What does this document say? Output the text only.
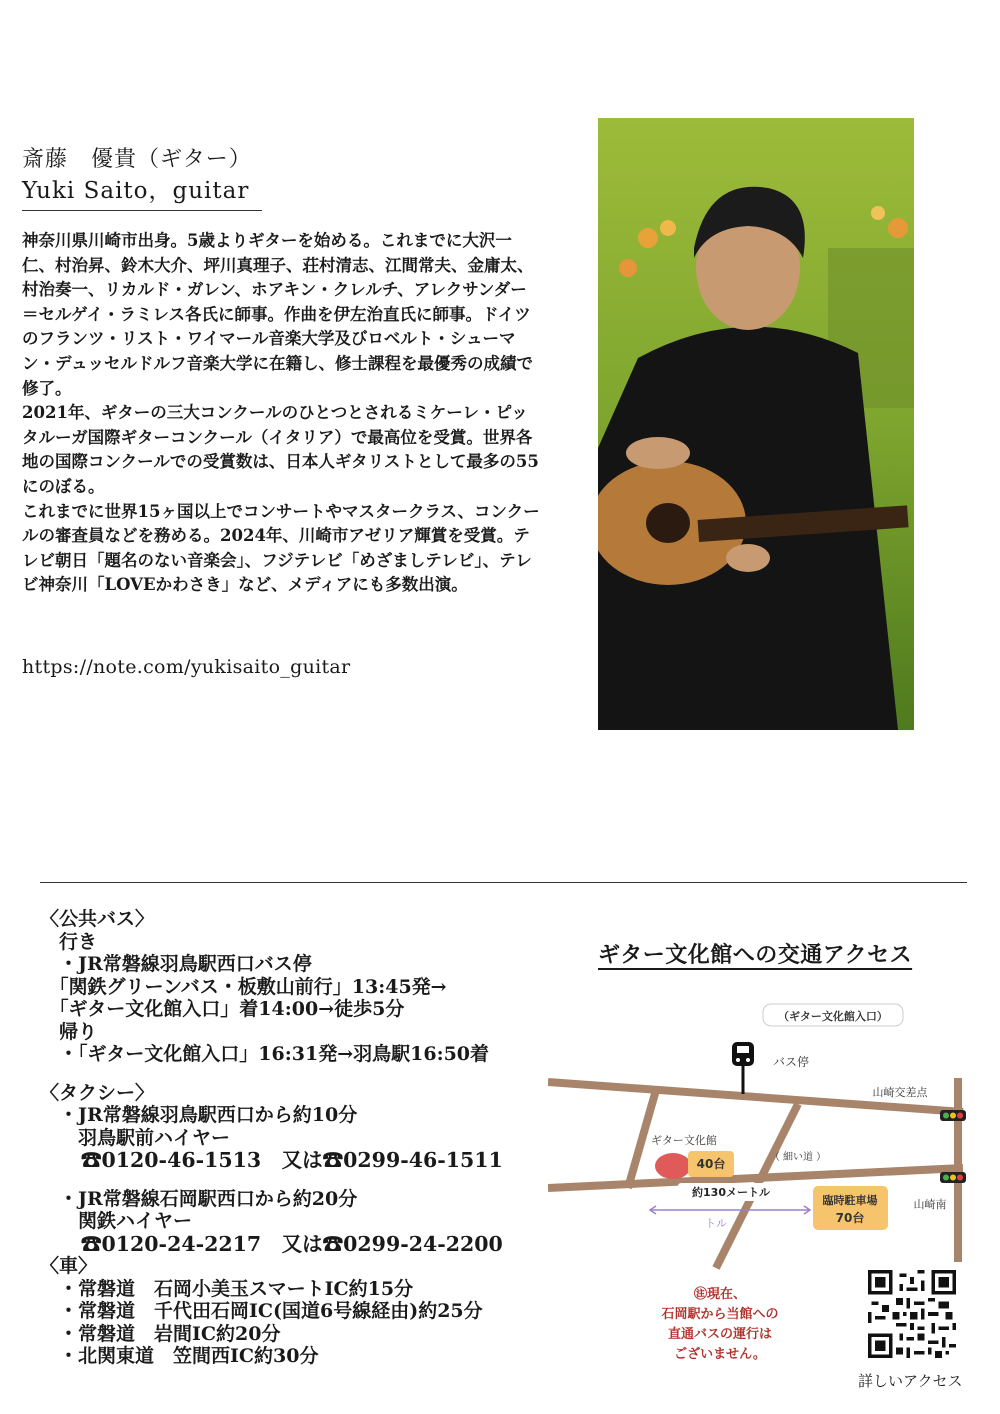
斎藤　優貴（ギター）
Yuki Saito，guitar

神奈川県川崎市出身。5歳よりギターを始める。これまでに大沢一仁、村治昇、鈴木大介、坪川真理子、荘村清志、江間常夫、金庸太、村治奏一、リカルド・ガレン、ホアキン・クレルチ、アレクサンダー＝セルゲイ・ラミレス各氏に師事。作曲を伊左治直氏に師事。ドイツのフランツ・リスト・ワイマール音楽大学及びロベルト・シューマン・デュッセルドルフ音楽大学に在籍し、修士課程を最優秀の成績で修了。

2021年、ギターの三大コンクールのひとつとされるミケーレ・ピッタルーガ国際ギターコンクール（イタリア）で最高位を受賞。世界各地の国際コンクールでの受賞数は、日本人ギタリストとして最多の55にのぼる。

これまでに世界15ヶ国以上でコンサートやマスタークラス、コンクールの審査員などを務める。2024年、川崎市アゼリア輝賞を受賞。テレビ朝日「題名のない音楽会」、フジテレビ「めざましテレビ」、テレビ神奈川「LOVEかわさき」など、メディアにも多数出演。

https://note.com/yukisaito_guitar
〈公共バス〉
　行き
　・JR常磐線羽鳥駅西口バス停
　「関鉄グリーンバス・板敷山前行」13:45発→
　「ギター文化館入口」着14:00→徒歩5分
　帰り
　・「ギター文化館入口」16:31発→羽鳥駅16:50着
〈タクシー〉
　・JR常磐線羽鳥駅西口から約10分
　　羽鳥駅前ハイヤー
　　☎0120-46-1513　又は☎0299-46-1511
　・JR常磐線石岡駅西口から約20分
　　関鉄ハイヤー
　　☎0120-24-2217　又は☎0299-24-2200
〈車〉
　・常磐道　石岡小美玉スマートIC約15分
　・常磐道　千代田石岡IC(国道6号線経由)約25分
　・常磐道　岩間IC約20分
　・北関東道　笠間西IC約30分
ギター文化館への交通アクセス
（ギター文化館入口）
バス停
山崎交差点
山崎南
ギター文化館
40台	（ 細い道 ）
約130メートル
トル
臨時駐車場
70台
㊟現在、
石岡駅から当館への
直通バスの運行は
ございません。
詳しいアクセス
